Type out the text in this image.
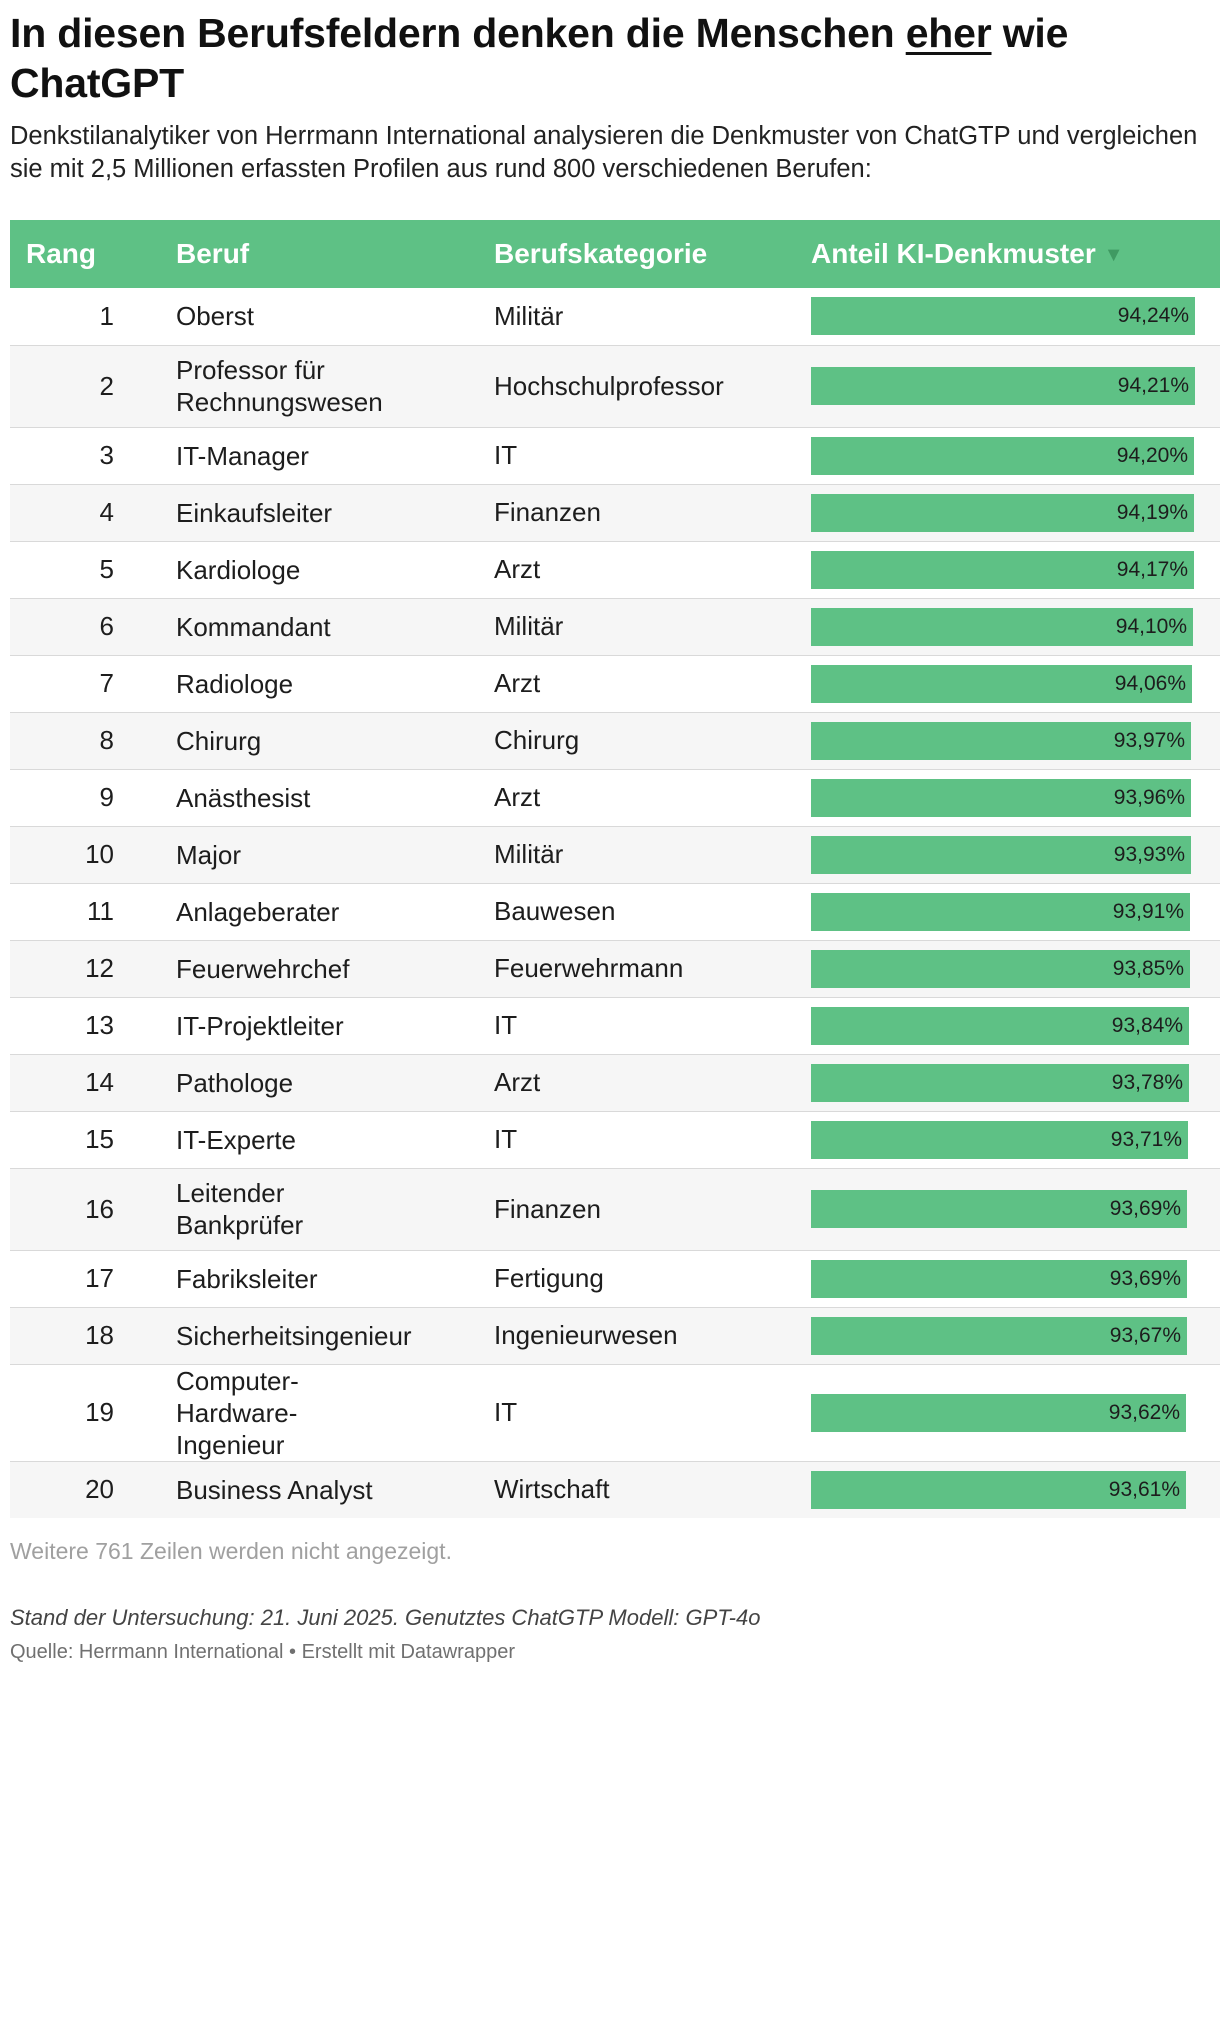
In diesen Berufsfeldern denken die Menschen eher wie ChatGPT

Denkstilanalytiker von Herrmann International analysieren die Denkmuster von ChatGTP und vergleichen sie mit 2,5 Millionen erfassten Profilen aus rund 800 verschiedenen Berufen:

Rang	Beruf	Berufskategorie	Anteil KI-Denkmuster ▼
1	Oberst	Militär	94,24%

2	Professor für Rechnungswesen	Hochschulprofessor	94,21%

3	IT-Manager	IT	94,20%

4	Einkaufsleiter	Finanzen	94,19%

5	Kardiologe	Arzt	94,17%

6	Kommandant	Militär	94,10%

7	Radiologe	Arzt	94,06%

8	Chirurg	Chirurg	93,97%

9	Anästhesist	Arzt	93,96%

10	Major	Militär	93,93%

11	Anlageberater	Bauwesen	93,91%

12	Feuerwehrchef	Feuerwehrmann	93,85%

13	IT-Projektleiter	IT	93,84%

14	Pathologe	Arzt	93,78%

15	IT-Experte	IT	93,71%

16	Leitender Bankprüfer	Finanzen	93,69%

17	Fabriksleiter	Fertigung	93,69%

18	Sicherheitsingenieur	Ingenieurwesen	93,67%

19	Computer-Hardware-Ingenieur	IT	93,62%

20	Business Analyst	Wirtschaft	93,61%
Weitere 761 Zeilen werden nicht angezeigt.
Stand der Untersuchung: 21. Juni 2025. Genutztes ChatGTP Modell: GPT-4o
Quelle: Herrmann International • Erstellt mit Datawrapper
